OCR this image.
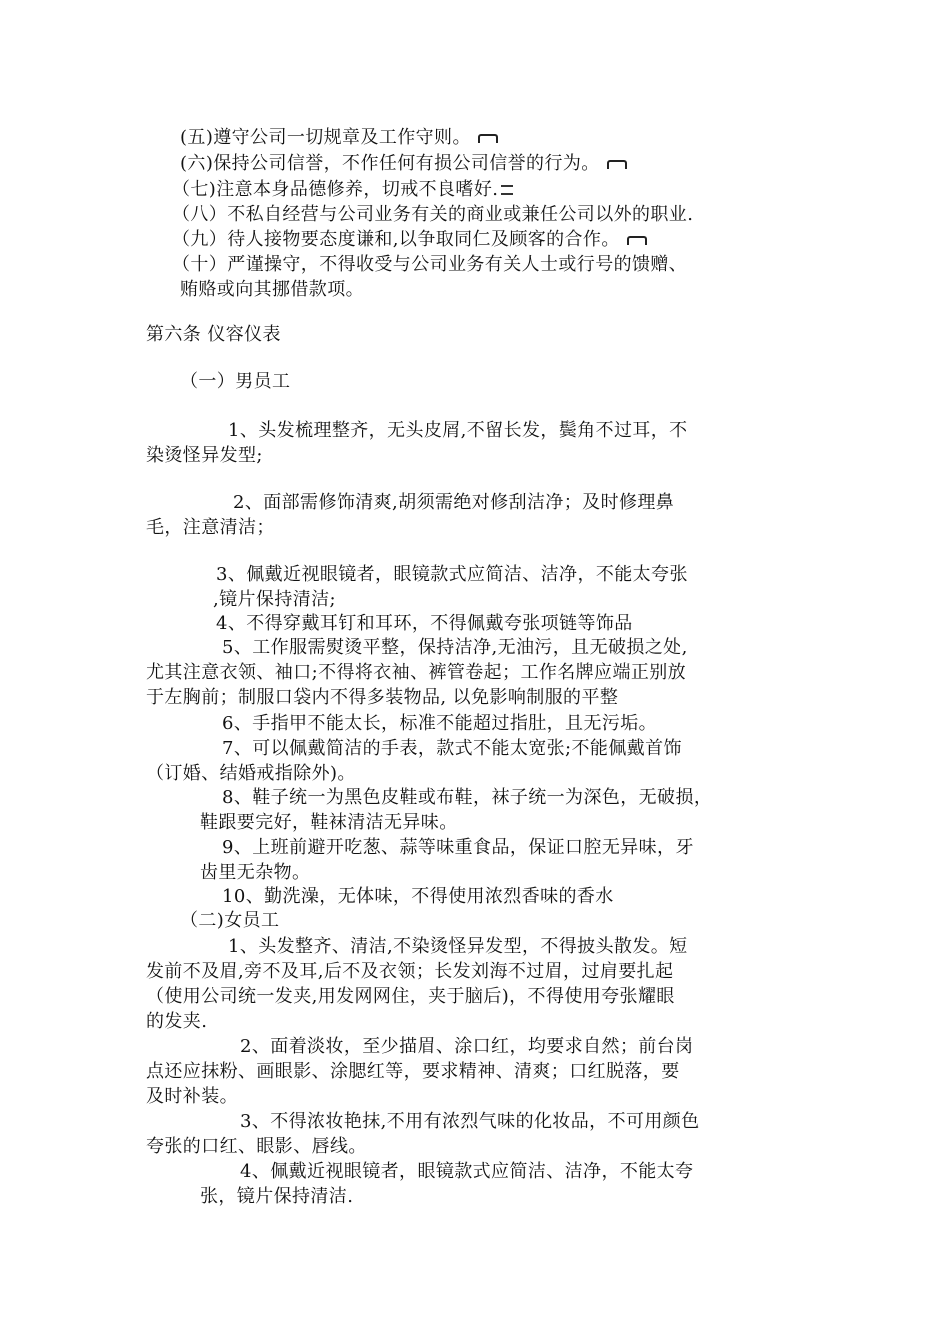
(五)遵守公司一切规章及工作守则。
(六)保持公司信誉，不作任何有损公司信誉的行为。
（七)注意本身品德修养，切戒不良嗜好.
（八）不私自经营与公司业务有关的商业或兼任公司以外的职业.
（九）待人接物要态度谦和,以争取同仁及顾客的合作。
（十）严谨操守，不得收受与公司业务有关人士或行号的馈赠、
贿赂或向其挪借款项。
第六条 仪容仪表
（一）男员工
1、头发梳理整齐，无头皮屑,不留长发，鬓角不过耳，不
染烫怪异发型;
2、面部需修饰清爽,胡须需绝对修刮洁净；及时修理鼻
毛，注意清洁；
3、佩戴近视眼镜者，眼镜款式应简洁、洁净，不能太夸张
,镜片保持清洁;
4、不得穿戴耳钉和耳环，不得佩戴夸张项链等饰品
5、工作服需熨烫平整，保持洁净,无油污，且无破损之处,
尤其注意衣领、袖口;不得将衣袖、裤管卷起；工作名牌应端正别放
于左胸前；制服口袋内不得多装物品, 以免影响制服的平整
6、手指甲不能太长，标准不能超过指肚，且无污垢。
7、可以佩戴简洁的手表，款式不能太宽张;不能佩戴首饰
（订婚、结婚戒指除外)。
8、鞋子统一为黑色皮鞋或布鞋，袜子统一为深色，无破损，
鞋跟要完好，鞋袜清洁无异味。
9、上班前避开吃葱、蒜等味重食品，保证口腔无异味，牙
齿里无杂物。
10、勤洗澡，无体味，不得使用浓烈香味的香水
（二)女员工
1、头发整齐、清洁,不染烫怪异发型，不得披头散发。短
发前不及眉,旁不及耳,后不及衣领；长发刘海不过眉，过肩要扎起
（使用公司统一发夹,用发网网住，夹于脑后)，不得使用夸张耀眼
的发夹.
2、面着淡妆，至少描眉、涂口红，均要求自然；前台岗
点还应抹粉、画眼影、涂腮红等，要求精神、清爽；口红脱落，要
及时补装。
3、不得浓妆艳抹,不用有浓烈气味的化妆品，不可用颜色
夸张的口红、眼影、唇线。
4、佩戴近视眼镜者，眼镜款式应简洁、洁净，不能太夸
张，镜片保持清洁.
